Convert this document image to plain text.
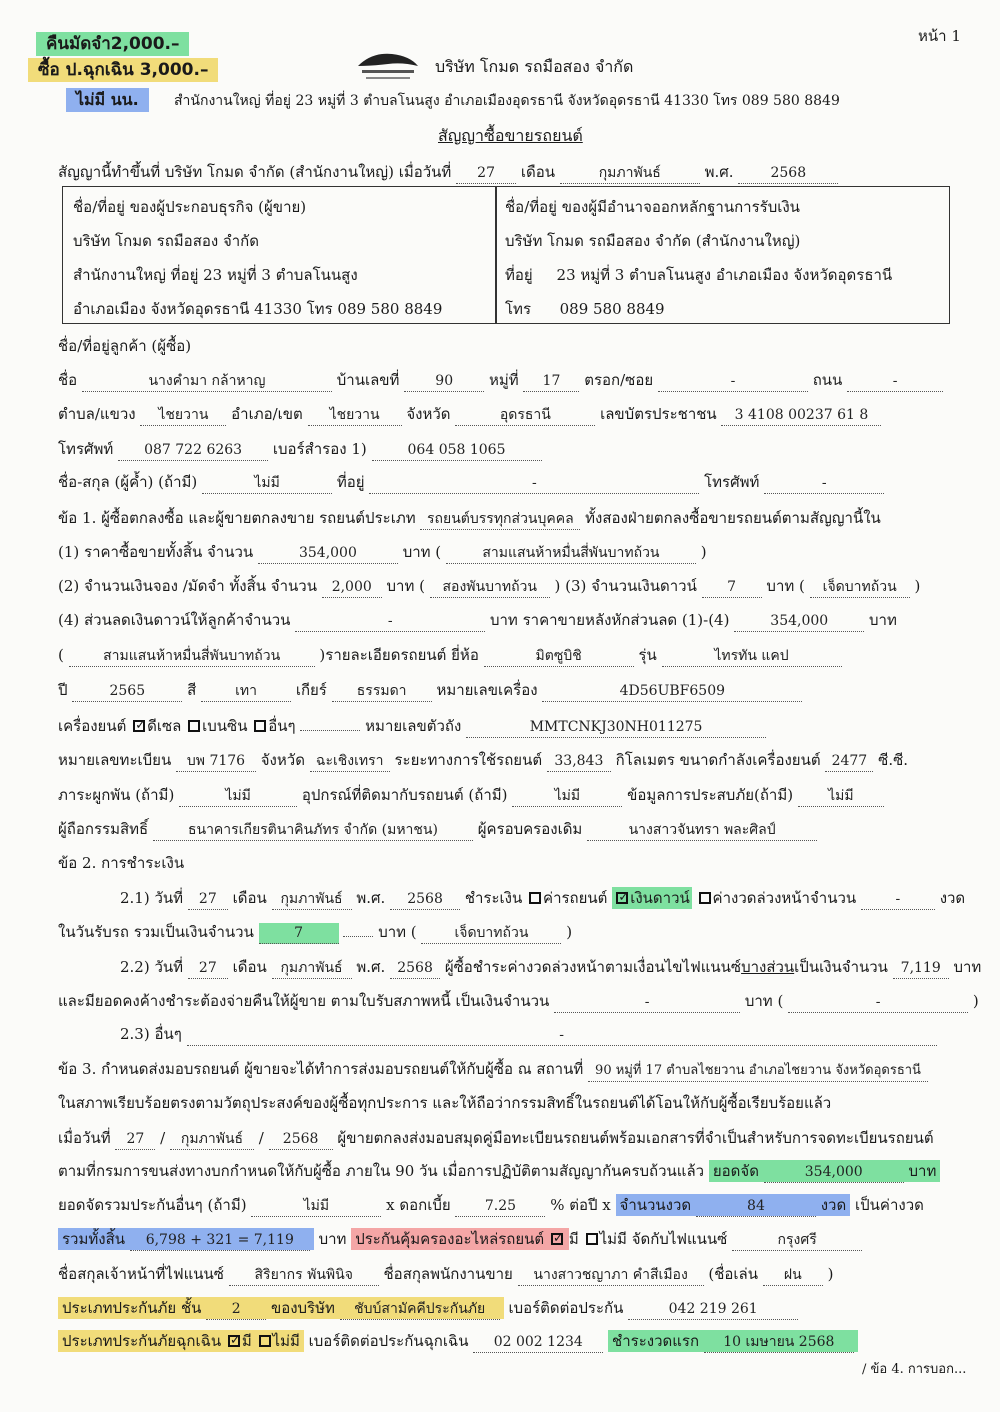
คืนมัดจำ2,000.–
ซื้อ ป.ฉุกเฉิน 3,000.–
ไม่มี นน.
หน้า 1
บริษัท โกมด รถมือสอง จำกัด
สำนักงานใหญ่ ที่อยู่ 23 หมู่ที่ 3 ตำบลโนนสูง อำเภอเมืองอุดรธานี จังหวัดอุดรธานี 41330 โทร 089 580 8849
สัญญาซื้อขายรถยนต์
สัญญานี้ทำขึ้นที่ บริษัท โกมด จำกัด (สำนักงานใหญ่) เมื่อวันที่ 27 เดือน	กุมภาพันธ์	พ.ศ.	2568
ชื่อ/ที่อยู่ ของผู้ประกอบธุรกิจ (ผู้ขาย)
บริษัท โกมด รถมือสอง จำกัด
สำนักงานใหญ่ ที่อยู่ 23 หมู่ที่ 3 ตำบลโนนสูง
อำเภอเมือง จังหวัดอุดรธานี 41330 โทร 089 580 8849
ชื่อ/ที่อยู่ ของผู้มีอำนาจออกหลักฐานการรับเงิน
บริษัท โกมด รถมือสอง จำกัด (สำนักงานใหญ่)
ที่อยู่     23 หมู่ที่ 3 ตำบลโนนสูง อำเภอเมือง จังหวัดอุดรธานี
โทร      089 580 8849
ชื่อ/ที่อยู่ลูกค้า (ผู้ซื้อ)
ชื่อ	นางคำมา กล้าหาญ	บ้านเลขที่	90 หมู่ที่ 17 ตรอก/ซอย	-	ถนน	-
ตำบล/แขวง ไชยวาน อำเภอ/เขต ไชยวาน จังหวัด	อุดรธานี	เลขบัตรประชาชน 3 4108 00237 61 8
โทรศัพท์ 087 722 6263 เบอร์สำรอง 1)	064 058 1065
ชื่อ-สกุล (ผู้ค้ำ) (ถ้ามี)	ไม่มี	ที่อยู่	-	โทรศัพท์	-
ข้อ 1. ผู้ซื้อตกลงซื้อ และผู้ขายตกลงขาย รถยนต์ประเภท รถยนต์บรรทุกส่วนบุคคล ทั้งสองฝ่ายตกลงซื้อขายรถยนต์ตามสัญญานี้ใน
(1) ราคาซื้อขายทั้งสิ้น จำนวน	354,000	บาท (	สามแสนห้าหมื่นสี่พันบาทถ้วน	)
(2) จำนวนเงินจอง /มัดจำ ทั้งสิ้น จำนวน 2,000 บาท ( สองพันบาทถ้วน ) (3) จำนวนเงินดาวน์ 7 บาท ( เจ็ดบาทถ้วน )
(4) ส่วนลดเงินดาวน์ให้ลูกค้าจำนวน	-	บาท ราคาขายหลังหักส่วนลด (1)-(4)	354,000	บาท
(	สามแสนห้าหมื่นสี่พันบาทถ้วน	)รายละเอียดรถยนต์ ยี่ห้อ	มิตซูบิชิ	รุ่น	ไทรทัน แคป
ปี	2565	สี	เทา	เกียร์ ธรรมดา หมายเลขเครื่อง	4D56UBF6509
เครื่องยนต์ ✓ ดีเซล เบนซิน อื่นๆ	หมายเลขตัวถัง	MMTCNKJ30NH011275
หมายเลขทะเบียน บพ 7176 จังหวัด ฉะเชิงเทรา ระยะทางการใช้รถยนต์ 33,843 กิโลเมตร ขนาดกำลังเครื่องยนต์ 2477 ซี.ซี.
ภาระผูกพัน (ถ้ามี)	ไม่มี	อุปกรณ์ที่ติดมากับรถยนต์ (ถ้ามี)	ไม่มี	ข้อมูลการประสบภัย(ถ้ามี)	ไม่มี
ผู้ถือกรรมสิทธิ์	ธนาคารเกียรตินาคินภัทร จำกัด (มหาชน)	ผู้ครอบครองเดิม	นางสาวจันทรา พละศิลป์
ข้อ 2. การชำระเงิน
2.1) วันที่ 27 เดือน กุมภาพันธ์ พ.ศ. 2568 ชำระเงิน ค่ารถยนต์ ✓ เงินดาวน์ ค่างวดล่วงหน้าจำนวน	-	งวด
ในวันรับรถ รวมเป็นเงินจำนวน	7	บาท (	เจ็ดบาทถ้วน	)
2.2) วันที่ 27 เดือน กุมภาพันธ์ พ.ศ. 2568 ผู้ซื้อชำระค่างวดล่วงหน้าตามเงื่อนไขไฟแนนซ์บางส่วนเป็นเงินจำนวน 7,119 บาท
และมียอดคงค้างชำระต้องจ่ายคืนให้ผู้ขาย ตามใบรับสภาพหนี้ เป็นเงินจำนวน	-	บาท (	-	)
2.3) อื่นๆ	-
ข้อ 3. กำหนดส่งมอบรถยนต์ ผู้ขายจะได้ทำการส่งมอบรถยนต์ให้กับผู้ซื้อ ณ สถานที่ 90 หมู่ที่ 17 ตำบลไชยวาน อำเภอไชยวาน จังหวัดอุดรธานี
ในสภาพเรียบร้อยตรงตามวัตถุประสงค์ของผู้ซื้อทุกประการ และให้ถือว่ากรรมสิทธิ์ในรถยนต์ได้โอนให้กับผู้ซื้อเรียบร้อยแล้ว
เมื่อวันที่ 27 / กุมภาพันธ์ / 2568 ผู้ขายตกลงส่งมอบสมุดคู่มือทะเบียนรถยนต์พร้อมเอกสารที่จำเป็นสำหรับการจดทะเบียนรถยนต์
ตามที่กรมการขนส่งทางบกกำหนดให้กับผู้ซื้อ ภายใน 90 วัน เมื่อการปฏิบัติตามสัญญากันครบถ้วนแล้ว ยอดจัด	354,000	บาท
ยอดจัดรวมประกันอื่นๆ (ถ้ามี)	ไม่มี	x ดอกเบี้ย 7.25 % ต่อปี x จำนวนงวด	84	งวด เป็นค่างวด
รวมทั้งสิ้น 6,798 + 321 = 7,119 บาท ประกันคุ้มครองอะไหล่รถยนต์ ✓ มี ไม่มี จัดกับไฟแนนซ์	กรุงศรี
ชื่อสกุลเจ้าหน้าที่ไฟแนนซ์ สิริยากร พันพินิจ ชื่อสกุลพนักงานขาย นางสาวชญาภา คำสีเมือง (ชื่อเล่น ฝน )
ประเภทประกันภัย ชั้น 2 ของบริษัท ชับบ์สามัคคีประกันภัย เบอร์ติดต่อประกัน	042 219 261
ประเภทประกันภัยฉุกเฉิน ✓ มี ไม่มี เบอร์ติดต่อประกันฉุกเฉิน 02 002 1234 ชำระงวดแรก 10 เมษายน 2568
/ ข้อ 4. การบอก...
